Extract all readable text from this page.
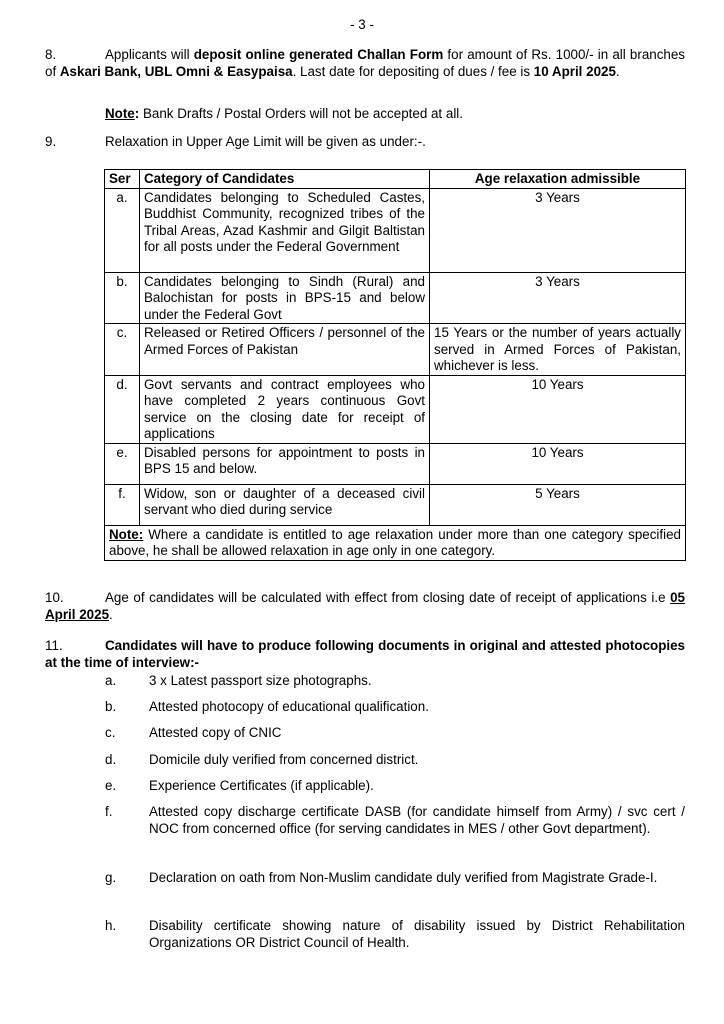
- 3 -
8.	Applicants will deposit online generated Challan Form for amount of Rs. 1000/- in all branches of Askari Bank, UBL Omni & Easypaisa. Last date for depositing of dues / fee is 10 April 2025.
Note: Bank Drafts / Postal Orders will not be accepted at all.
9.	Relaxation in Upper Age Limit will be given as under:-.
Ser	Category of Candidates	Age relaxation admissible
a.	Candidates belonging to Scheduled Castes, Buddhist Community, recognized tribes of the Tribal Areas, Azad Kashmir and Gilgit Baltistan for all posts under the Federal Government	3 Years
b.	Candidates belonging to Sindh (Rural) and Balochistan for posts in BPS-15 and below under the Federal Govt	3 Years
c.	Released or Retired Officers / personnel of the Armed Forces of Pakistan	15 Years or the number of years actually served in Armed Forces of Pakistan, whichever is less.
d.	Govt servants and contract employees who have completed 2 years continuous Govt service on the closing date for receipt of applications	10 Years
e.	Disabled persons for appointment to posts in BPS 15 and below.	10 Years
f.	Widow, son or daughter of a deceased civil servant who died during service	5 Years
Note: Where a candidate is entitled to age relaxation under more than one category specified above, he shall be allowed relaxation in age only in one category.		
10.	Age of candidates will be calculated with effect from closing date of receipt of applications i.e 05 April 2025.
11.	Candidates will have to produce following documents in original and attested photocopies at the time of interview:-
a. 3 x Latest passport size photographs.
b. Attested photocopy of educational qualification.
c.	Attested copy of CNIC
d. Domicile duly verified from concerned district.
e. Experience Certificates (if applicable).
f.	Attested copy discharge certificate DASB (for candidate himself from Army) / svc cert / NOC from concerned office (for serving candidates in MES / other Govt department).
g. Declaration on oath from Non-Muslim candidate duly verified from Magistrate Grade-I.
h. Disability certificate showing nature of disability issued by District Rehabilitation Organizations OR District Council of Health.
